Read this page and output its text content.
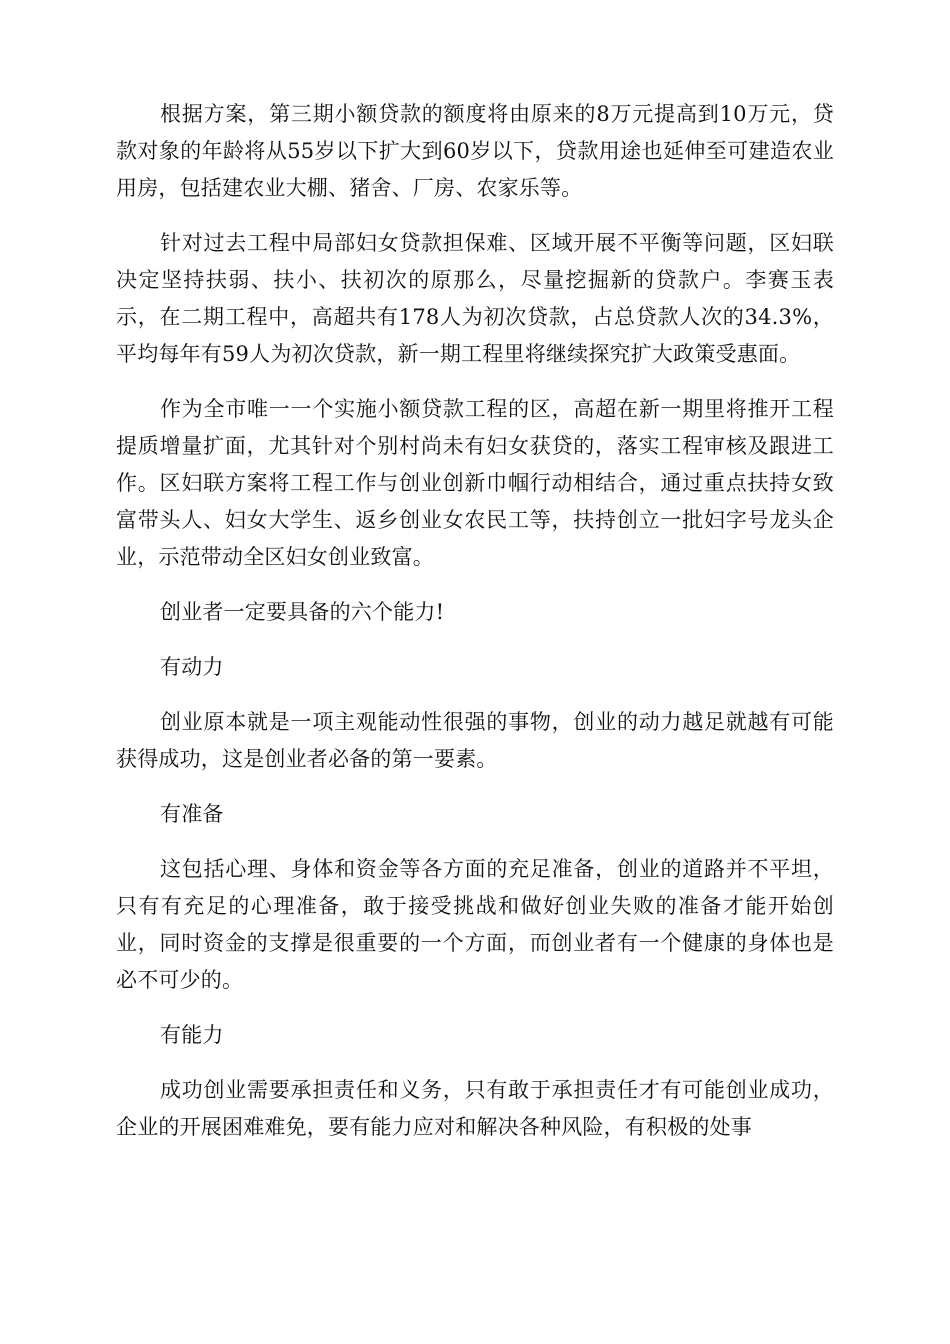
根据方案，第三期小额贷款的额度将由原来的8万元提高到10万元，贷款对象的年龄将从55岁以下扩大到60岁以下，贷款用途也延伸至可建造农业用房，包括建农业大棚、猪舍、厂房、农家乐等。

针对过去工程中局部妇女贷款担保难、区域开展不平衡等问题，区妇联决定坚持扶弱、扶小、扶初次的原那么，尽量挖掘新的贷款户。李赛玉表示，在二期工程中，高超共有178人为初次贷款，占总贷款人次的34.3%，平均每年有59人为初次贷款，新一期工程里将继续探究扩大政策受惠面。

作为全市唯一一个实施小额贷款工程的区，高超在新一期里将推开工程提质增量扩面，尤其针对个别村尚未有妇女获贷的，落实工程审核及跟进工作。区妇联方案将工程工作与创业创新巾帼行动相结合，通过重点扶持女致富带头人、妇女大学生、返乡创业女农民工等，扶持创立一批妇字号龙头企业，示范带动全区妇女创业致富。

创业者一定要具备的六个能力!

有动力

创业原本就是一项主观能动性很强的事物，创业的动力越足就越有可能获得成功，这是创业者必备的第一要素。

有准备

这包括心理、身体和资金等各方面的充足准备，创业的道路并不平坦，只有有充足的心理准备，敢于接受挑战和做好创业失败的准备才能开始创业，同时资金的支撑是很重要的一个方面，而创业者有一个健康的身体也是必不可少的。

有能力

成功创业需要承担责任和义务，只有敢于承担责任才有可能创业成功，企业的开展困难难免，要有能力应对和解决各种风险，有积极的处事
